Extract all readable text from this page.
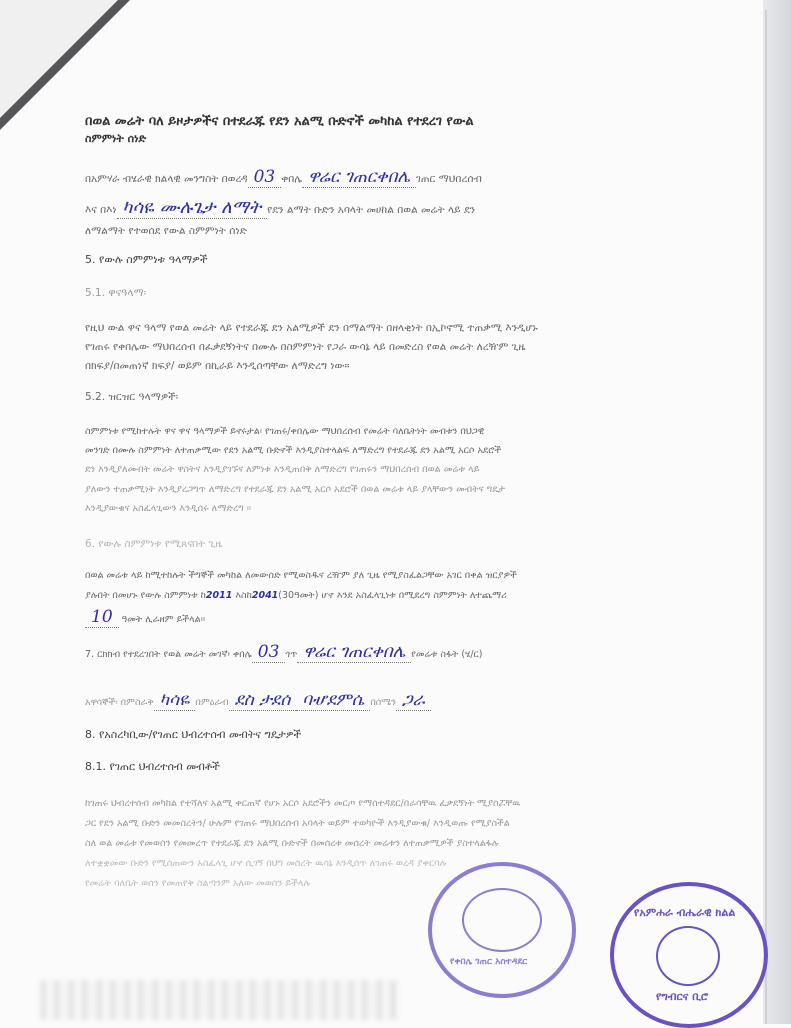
በወል መሬት ባለ ይዞታዎችና በተደራጁ የደን አልሚ ቡድኖች መካከል የተደረገ የውል
ስምምነት ሰነድ
በአምሃራ ብሄራዊ ክልላዊ መንግስት በወረዳ 03 ቀበሌ ዋሬር ገጠርቀበሌ ገጠር ማህበረሰብ
እና በእነ ካሳዬ ሙሉጌታ ለማት የደን ልማት ቡድን አባላት መሀከል በወል መሬት ላይ ደን
ለማልማት የተወሰደ የውል ስምምነት ሰነድ
5. የውሉ ስምምነቱ ዓላማዎች
5.1. ዋናዓላማ፡
የዚህ ውል ዋና ዓላማ የወል መሬት ላይ የተደራጁ ደን አልሚዎች ደን በማልማት በዘላቂነት በኢኮኖሚ ተጠቃሚ እንዲሆኑ
የገጠሩ የቀበሌው ማህበረሰብ በፈቃደኝነትና በሙሉ በስምምነት የጋራ ውሳኔ ላይ በመድረስ የወል መሬት ለረዥም ጊዜ
በክፍያ/በመጠነኛ ክፍያ/ ወይም በኪራይ እንዲሰጣቸው ለማድረግ ነው።
5.2. ዝርዝር ዓላማዎች፡
ስምምነቱ የሚከተሉት ዋና ዋና ዓላማዎች ይኖሩታል፡ የገጠሩ/ቀበሌው ማህበረሰብ የመሬት ባለቤትነት መብቱን በህጋዊ
መንገድ በሙሉ ስምምነት ለተጠቃሚው የደን አልሚ ቡድኖች እንዲያስተላልፍ ለማድረግ የተደራጁ ደን አልሚ አርሶ አደሮች
ደን እንዲያለሙበት መሬት ዋስትና እንዲያገኙና ለምነቱ እንዲጠበቅ ለማድረግ የገጠሩን ማህበረሰብ በወል መሬቱ ላይ
ያለውን ተጠቃሚነት እንዲያረጋግጥ ለማድረግ የተደራጁ ደን አልሚ አርሶ አደሮች በወል መሬቱ ላይ ያላቸውን መብትና ግዴታ
እንዲያውቁና አስፈላጊውን እንዲሰሩ ለማድረግ ።
6. የውሉ ስምምነቱ የሚጸናበት ጊዜ
በወል መሬቱ ላይ ከሚተከሉት ችግኞች መካከል ለመውሰድ የሚወስዱና ረዥም ያለ ጊዜ የሚያስፈልጋቸው አገር በቀል ዝርያዎች
ያሉበት በመሆኑ የውሉ ስምምነቱ ከ2011 እስከ2041(30ዓመት) ሆኖ እንደ አስፈላጊነቱ በሚደረግ ስምምነት ለተጨማሪ
10 ዓመት ሊራዘም ይችላል።
7. ርክክብ የተደረገበት የወል መሬት መገኛ፡ ቀበሌ 03 ጎጥ ዋሬር ገጠርቀበሌ የመሬቱ ስፋት (ሄ/ር)
አዋሳኞች፡ በምስራቅ ካሳዬ በምዕራብ ደስ ታደሰ ባሇደምሴ በሰሜን ጋራ
8. የአስረካቢው/የገጠር ህብረተሰብ መብትና ግዴታዎች
8.1. የገጠር ህብረተሰብ መብቶች
ከገጠሩ ህብረተሰብ መካከል የተሻለና አልሚ ቀርጠኛ የሆኑ አርሶ አደሮችን መርጦ የማሰተዳደር/በራሳቸዉ ፈቃደኝነት ሚያሰሯቸዉ
ጋር የደን አልሚ ቡድን መመስረትን/ ሁሉም የገጠሩ ማህበረሰብ አባላት ወይም ተወካዮች እንዲያውቁ/ እንዲወጡ የሚያስችል
ስለ ወል መሬቱ የመወሰን የመመረጥ የተደራጁ ደን አልሚ ቡድኖች በመሰረቱ መሰረት መሬቱን ለተጠቃሚዎች ያስተላልፋሉ
ለተቋቋመው ቡድን የሚሰጠውን አስፈላጊ ሆኖ ሲገኝ በህግ መሰረት ዉሳኔ እንዲሰጥ ለገጠሩ ወረዳ ያቀርባሉ
የመሬት ባለቤት ወሰን የመጠየቅ ስልጣንም አለው መወሰን ይችላሉ
የቀበሌ ገጠር አስተዳደር
የአምሐራ ብሔራዊ ክልል
የግብርና ቢሮ
